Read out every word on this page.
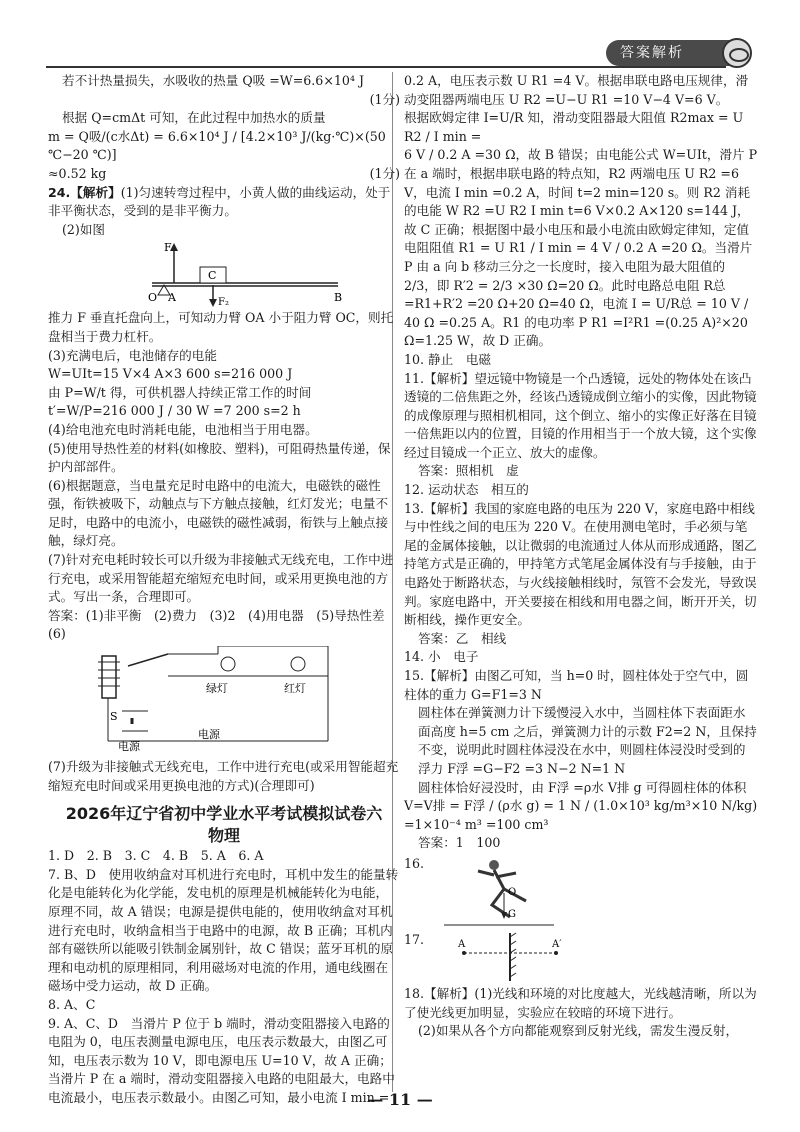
答案解析

若不计热量损失，水吸收的热量 Q吸 =W=6.6×10⁴ J

(1分)

根据 Q=cmΔt 可知，在此过程中加热水的质量

m = Q吸/(c水Δt) = 6.6×10⁴ J / [4.2×10³ J/(kg·℃)×(50 ℃−20 ℃)]

≈0.52 kg	(1分)

24.【解析】(1)匀速转弯过程中，小黄人做的曲线运动，处于非平衡状态，受到的是非平衡力。

(2)如图

F
C
O A	B
F₂

推力 F 垂直托盘向上，可知动力臂 OA 小于阻力臂 OC，则托盘相当于费力杠杆。

(3)充满电后，电池储存的电能

W=UIt=15 V×4 A×3 600 s=216 000 J

由 P=W/t 得，可供机器人持续正常工作的时间

t′=W/P=216 000 J / 30 W =7 200 s=2 h

(4)给电池充电时消耗电能，电池相当于用电器。

(5)使用导热性差的材料(如橡胶、塑料)，可阻碍热量传递，保护内部部件。

(6)根据题意，当电量充足时电路中的电流大，电磁铁的磁性强，衔铁被吸下，动触点与下方触点接触，红灯发光；电量不足时，电路中的电流小，电磁铁的磁性减弱，衔铁与上触点接触，绿灯亮。

(7)针对充电耗时较长可以升级为非接触式无线充电，工作中进行充电，或采用智能超充缩短充电时间，或采用更换电池的方式。写出一条，合理即可。

答案：(1)非平衡　(2)费力　(3)2　(4)用电器　(5)导热性差

(6)

绿灯	红灯
S
电源
电源

(7)升级为非接触式无线充电，工作中进行充电(或采用智能超充缩短充电时间或采用更换电池的方式)(合理即可)

2026年辽宁省初中学业水平考试模拟试卷六
物理

1. D　2. B　3. C　4. B　5. A　6. A

7. B、D　使用收纳盒对耳机进行充电时，耳机中发生的能量转化是电能转化为化学能，发电机的原理是机械能转化为电能，原理不同，故 A 错误；电源是提供电能的，使用收纳盒对耳机进行充电时，收纳盒相当于电路中的电源，故 B 正确；耳机内部有磁铁所以能吸引铁制金属别针，故 C 错误；蓝牙耳机的原理和电动机的原理相同，利用磁场对电流的作用，通电线圈在磁场中受力运动，故 D 正确。

8. A、C

9. A、C、D　当滑片 P 位于 b 端时，滑动变阻器接入电路的电阻为 0，电压表测量电源电压，电压表示数最大，由图乙可知，电压表示数为 10 V，即电源电压 U=10 V，故 A 正确；当滑片 P 在 a 端时，滑动变阻器接入电路的电阻最大，电路中电流最小，电压表示数最小。由图乙可知，最小电流 I min =

0.2 A，电压表示数 U R1 =4 V。根据串联电路电压规律，滑动变阻器两端电压 U R2 =U−U R1 =10 V−4 V=6 V。

根据欧姆定律 I=U/R 知，滑动变阻器最大阻值 R2max = U R2 / I min =

6 V / 0.2 A =30 Ω，故 B 错误；由电能公式 W=UIt，滑片 P 在 a 端时，根据串联电路的特点知，R2 两端电压 U R2 =6 V，电流 I min =0.2 A，时间 t=2 min=120 s。则 R2 消耗的电能 W R2 =U R2 I min t=6 V×0.2 A×120 s=144 J，故 C 正确；根据图中最小电压和最小电流由欧姆定律知，定值电阻阻值 R1 = U R1 / I min = 4 V / 0.2 A =20 Ω。当滑片 P 由 a 向 b 移动三分之一长度时，接入电阻为最大阻值的 2/3，即 R′2 = 2/3 ×30 Ω=20 Ω。此时电路总电阻 R总 =R1+R′2 =20 Ω+20 Ω=40 Ω，电流 I = U/R总 = 10 V / 40 Ω =0.25 A。R1 的电功率 P R1 =I²R1 =(0.25 A)²×20 Ω=1.25 W，故 D 正确。

10. 静止　电磁

11.【解析】望远镜中物镜是一个凸透镜，远处的物体处在该凸透镜的二倍焦距之外，经该凸透镜成倒立缩小的实像，因此物镜的成像原理与照相机相同，这个倒立、缩小的实像正好落在目镜一倍焦距以内的位置，目镜的作用相当于一个放大镜，这个实像经过目镜成一个正立、放大的虚像。

答案：照相机　虚

12. 运动状态　相互的

13.【解析】我国的家庭电路的电压为 220 V，家庭电路中相线与中性线之间的电压为 220 V。在使用测电笔时，手必须与笔尾的金属体接触，以让微弱的电流通过人体从而形成通路，图乙持笔方式是正确的，甲持笔方式笔尾金属体没有与手接触，由于电路处于断路状态，与火线接触相线时，氖管不会发光，导致误判。家庭电路中，开关要接在相线和用电器之间，断开开关，切断相线，操作更安全。

答案：乙　相线

14. 小　电子

15.【解析】由图乙可知，当 h=0 时，圆柱体处于空气中，圆柱体的重力 G=F1=3 N

圆柱体在弹簧测力计下缓慢浸入水中，当圆柱体下表面距水面高度 h=5 cm 之后，弹簧测力计的示数 F2=2 N，且保持不变，说明此时圆柱体浸没在水中，则圆柱体浸没时受到的浮力 F浮 =G−F2 =3 N−2 N=1 N

圆柱体恰好浸没时，由 F浮 =ρ水 V排 g 可得圆柱体的体积

V=V排 = F浮 / (ρ水 g) = 1 N / (1.0×10³ kg/m³×10 N/kg) =1×10⁻⁴ m³ =100 cm³

答案：1　100

16.
O
G
17.	A	A′

18.【解析】(1)光线和环境的对比度越大，光线越清晰，所以为了使光线更加明显，实验应在较暗的环境下进行。

(2)如果从各个方向都能观察到反射光线，需发生漫反射，

— 11 —
